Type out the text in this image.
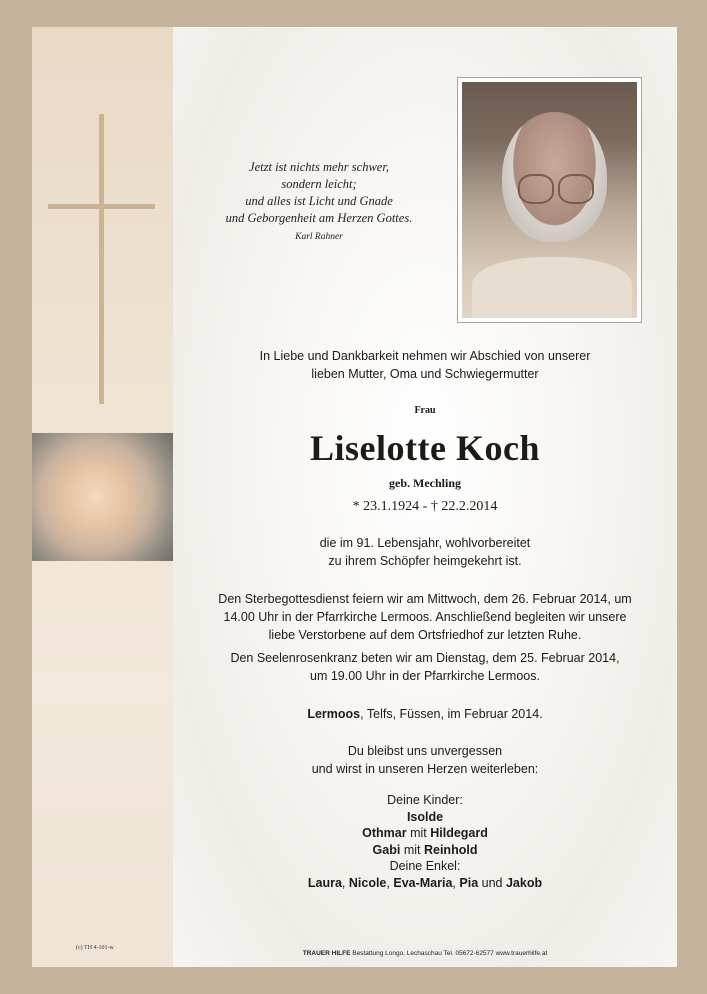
Jetzt ist nichts mehr schwer,
sondern leicht;
und alles ist Licht und Gnade
und Geborgenheit am Herzen Gottes.
Karl Rahner
In Liebe und Dankbarkeit nehmen wir Abschied von unserer
lieben Mutter, Oma und Schwiegermutter
Frau
Liselotte Koch
geb. Mechling
* 23.1.1924 - † 22.2.2014
die im 91. Lebensjahr, wohlvorbereitet
zu ihrem Schöpfer heimgekehrt ist.
Den Sterbegottesdienst feiern wir am Mittwoch, dem 26. Februar 2014, um
14.00 Uhr in der Pfarrkirche Lermoos. Anschließend begleiten wir unsere
liebe Verstorbene auf dem Ortsfriedhof zur letzten Ruhe.
Den Seelenrosenkranz beten wir am Dienstag, dem 25. Februar 2014,
um 19.00 Uhr in der Pfarrkirche Lermoos.
Lermoos, Telfs, Füssen, im Februar 2014.
Du bleibst uns unvergessen
und wirst in unseren Herzen weiterleben:
Deine Kinder:
Isolde
Othmar mit Hildegard
Gabi mit Reinhold
Deine Enkel:
Laura, Nicole, Eva-Maria, Pia und Jakob
(c) TH 4-101-w
TRAUER HILFE Bestattung Longo, Lechaschau Tel. 05672-62577 www.trauerhilfe.at
